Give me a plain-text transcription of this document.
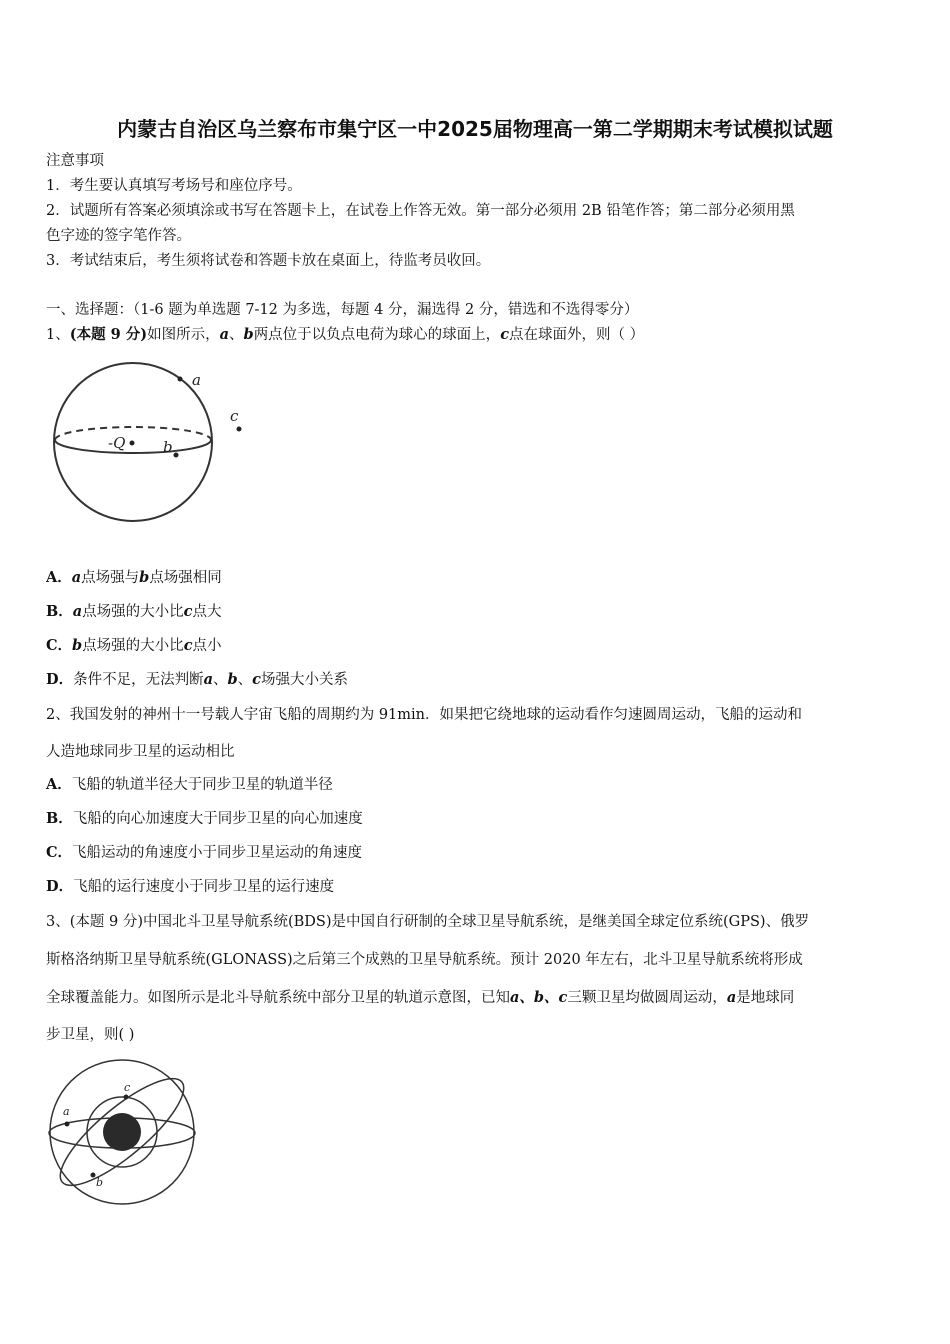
内蒙古自治区乌兰察布市集宁区一中2025届物理高一第二学期期末考试模拟试题
注意事项
1．考生要认真填写考场号和座位序号。
2．试题所有答案必须填涂或书写在答题卡上，在试卷上作答无效。第一部分必须用 2B 铅笔作答；第二部分必须用黑
色字迹的签字笔作答。
3．考试结束后，考生须将试卷和答题卡放在桌面上，待监考员收回。
一、选择题：（1-6 题为单选题 7-12 为多选，每题 4 分，漏选得 2 分，错选和不选得零分）
1、(本题 9 分)如图所示，a、b两点位于以负点电荷为球心的球面上，c点在球面外，则（ ）
a
-Q	b
c
A．a点场强与b点场强相同
B．a点场强的大小比c点大
C．b点场强的大小比c点小
D．条件不足，无法判断a、b、c场强大小关系
2、我国发射的神州十一号载人宇宙飞船的周期约为 91min．如果把它绕地球的运动看作匀速圆周运动，飞船的运动和
人造地球同步卫星的运动相比
A．飞船的轨道半径大于同步卫星的轨道半径
B．飞船的向心加速度大于同步卫星的向心加速度
C．飞船运动的角速度小于同步卫星运动的角速度
D．飞船的运行速度小于同步卫星的运行速度
3、(本题 9 分)中国北斗卫星导航系统(BDS)是中国自行研制的全球卫星导航系统，是继美国全球定位系统(GPS)、俄罗
斯格洛纳斯卫星导航系统(GLONASS)之后第三个成熟的卫星导航系统。预计 2020 年左右，北斗卫星导航系统将形成
全球覆盖能力。如图所示是北斗导航系统中部分卫星的轨道示意图，已知a、b、c三颗卫星均做圆周运动，a是地球同
步卫星，则( )
a
c
b
